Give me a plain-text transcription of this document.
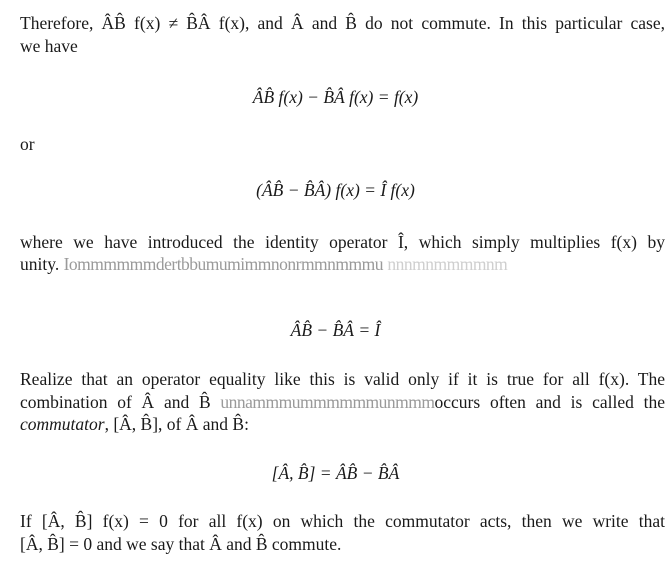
Therefore, ÂB̂ f(x) ≠ B̂Â f(x), and Â and B̂ do not commute. In this particular case,
we have
ÂB̂ f(x) − B̂Â f(x) = f(x)
or
(ÂB̂ − B̂Â) f(x) = Î f(x)
where we have introduced the identity operator Î, which simply multiplies f(x) by
unity. Iommmmmmdertbbumumimmnonrmmnmmmu nnnmnmmmmnm
ÂB̂ − B̂Â = Î
Realize that an operator equality like this is valid only if it is true for all f(x). The
combination of Â and B̂ unnammmummmmmmunmmmoccurs often and is called the
commutator, [Â, B̂], of Â and B̂:
[Â, B̂] = ÂB̂ − B̂Â
If [Â, B̂] f(x) = 0 for all f(x) on which the commutator acts, then we write that
[Â, B̂] = 0 and we say that Â and B̂ commute.
